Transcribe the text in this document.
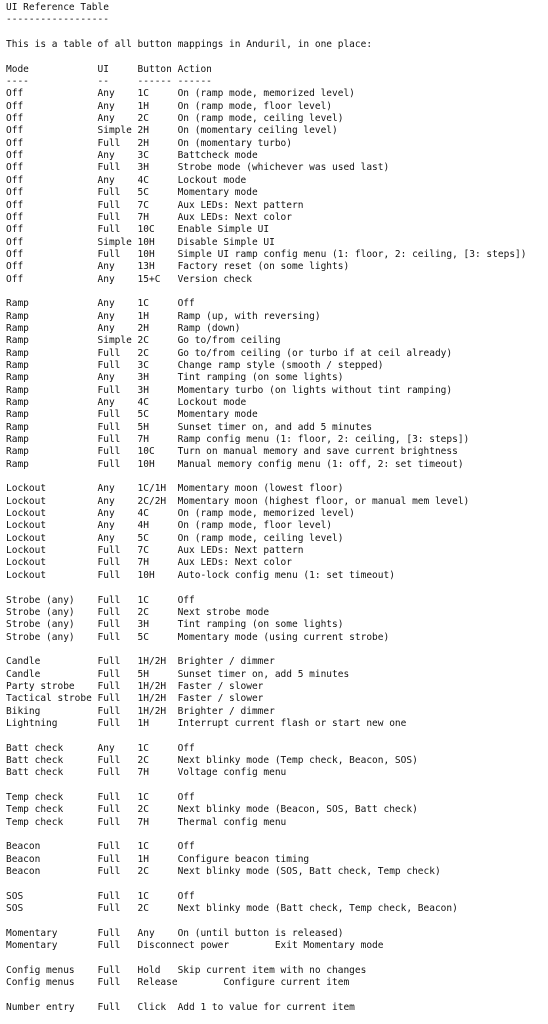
UI Reference Table
------------------
This is a table of all button mappings in Anduril, in one place:
Mode            UI     Button Action
----            --     ------ ------
Off             Any    1C     On (ramp mode, memorized level)
Off             Any    1H     On (ramp mode, floor level)
Off             Any    2C     On (ramp mode, ceiling level)
Off             Simple 2H     On (momentary ceiling level)
Off             Full   2H     On (momentary turbo)
Off             Any    3C     Battcheck mode
Off             Full   3H     Strobe mode (whichever was used last)
Off             Any    4C     Lockout mode
Off             Full   5C     Momentary mode
Off             Full   7C     Aux LEDs: Next pattern
Off             Full   7H     Aux LEDs: Next color
Off             Full   10C    Enable Simple UI
Off             Simple 10H    Disable Simple UI
Off             Full   10H    Simple UI ramp config menu (1: floor, 2: ceiling, [3: steps])
Off             Any    13H    Factory reset (on some lights)
Off             Any    15+C   Version check
Ramp            Any    1C     Off
Ramp            Any    1H     Ramp (up, with reversing)
Ramp            Any    2H     Ramp (down)
Ramp            Simple 2C     Go to/from ceiling
Ramp            Full   2C     Go to/from ceiling (or turbo if at ceil already)
Ramp            Full   3C     Change ramp style (smooth / stepped)
Ramp            Any    3H     Tint ramping (on some lights)
Ramp            Full   3H     Momentary turbo (on lights without tint ramping)
Ramp            Any    4C     Lockout mode
Ramp            Full   5C     Momentary mode
Ramp            Full   5H     Sunset timer on, and add 5 minutes
Ramp            Full   7H     Ramp config menu (1: floor, 2: ceiling, [3: steps])
Ramp            Full   10C    Turn on manual memory and save current brightness
Ramp            Full   10H    Manual memory config menu (1: off, 2: set timeout)
Lockout         Any    1C/1H  Momentary moon (lowest floor)
Lockout         Any    2C/2H  Momentary moon (highest floor, or manual mem level)
Lockout         Any    4C     On (ramp mode, memorized level)
Lockout         Any    4H     On (ramp mode, floor level)
Lockout         Any    5C     On (ramp mode, ceiling level)
Lockout         Full   7C     Aux LEDs: Next pattern
Lockout         Full   7H     Aux LEDs: Next color
Lockout         Full   10H    Auto-lock config menu (1: set timeout)
Strobe (any)    Full   1C     Off
Strobe (any)    Full   2C     Next strobe mode
Strobe (any)    Full   3H     Tint ramping (on some lights)
Strobe (any)    Full   5C     Momentary mode (using current strobe)
Candle          Full   1H/2H  Brighter / dimmer
Candle          Full   5H     Sunset timer on, add 5 minutes
Party strobe    Full   1H/2H  Faster / slower
Tactical strobe Full   1H/2H  Faster / slower
Biking          Full   1H/2H  Brighter / dimmer
Lightning       Full   1H     Interrupt current flash or start new one
Batt check      Any    1C     Off
Batt check      Full   2C     Next blinky mode (Temp check, Beacon, SOS)
Batt check      Full   7H     Voltage config menu
Temp check      Full   1C     Off
Temp check      Full   2C     Next blinky mode (Beacon, SOS, Batt check)
Temp check      Full   7H     Thermal config menu
Beacon          Full   1C     Off
Beacon          Full   1H     Configure beacon timing
Beacon          Full   2C     Next blinky mode (SOS, Batt check, Temp check)
SOS             Full   1C     Off
SOS             Full   2C     Next blinky mode (Batt check, Temp check, Beacon)
Momentary       Full   Any    On (until button is released)
Momentary       Full   Disconnect power        Exit Momentary mode
Config menus    Full   Hold   Skip current item with no changes
Config menus    Full   Release        Configure current item
Number entry    Full   Click  Add 1 to value for current item
